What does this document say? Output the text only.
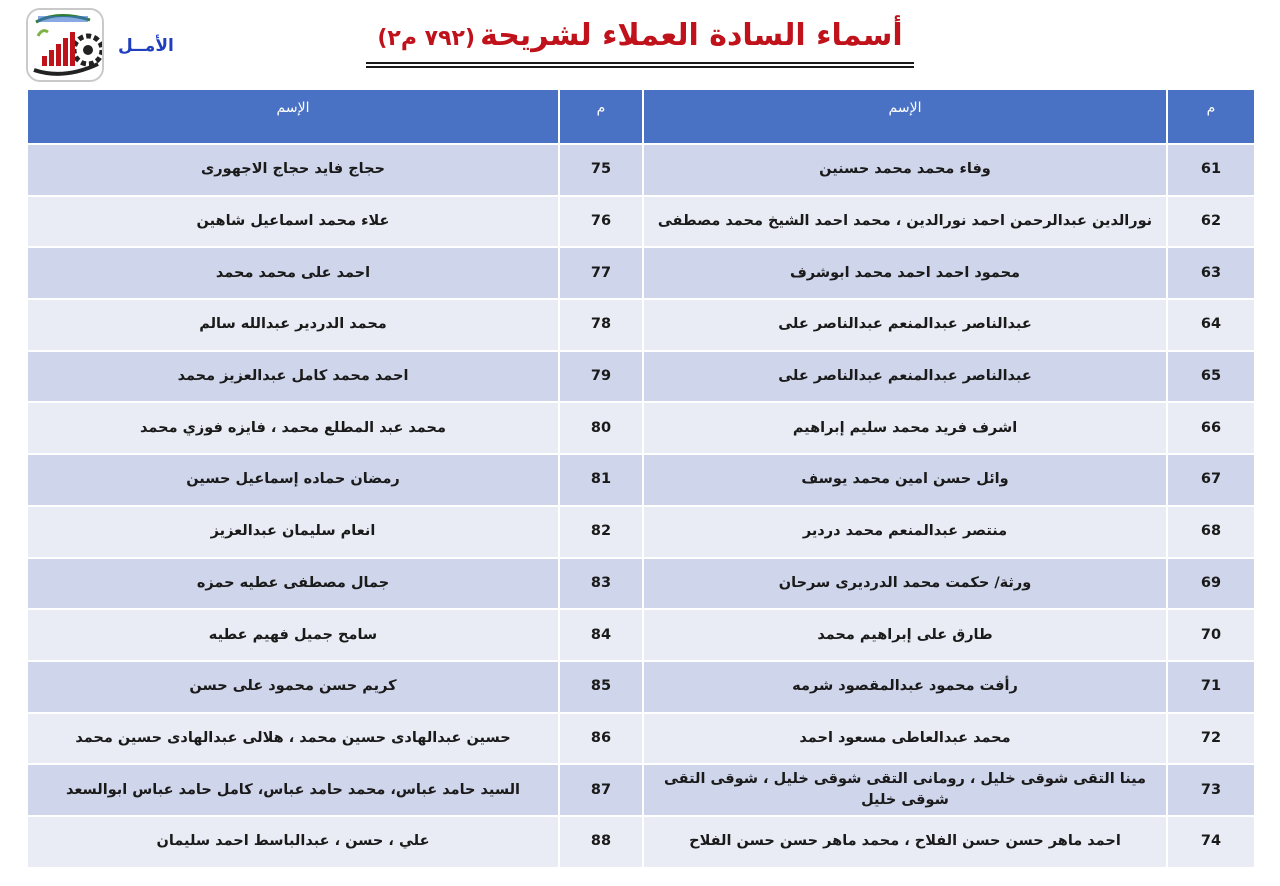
الأمــل	أسماء السادة العملاء لشريحة (٧٩٢ م٢)
م	الإسم	م	الإسم
61	وفاء محمد محمد حسنين	75	حجاج فايد حجاج الاجهورى
62	نورالدين عبدالرحمن احمد نورالدين ، محمد احمد الشيخ محمد مصطفى	76	علاء محمد اسماعيل شاهين
63	محمود احمد احمد محمد ابوشرف	77	احمد على محمد محمد
64	عبدالناصر عبدالمنعم عبدالناصر على	78	محمد الدردير عبدالله سالم
65	عبدالناصر عبدالمنعم عبدالناصر على	79	احمد محمد كامل عبدالعزيز محمد
66	اشرف فريد محمد سليم إبراهيم	80	محمد عبد المطلع محمد ، فايزه فوزي محمد
67	وائل حسن امين محمد يوسف	81	رمضان حماده إسماعيل حسين
68	منتصر عبدالمنعم محمد دردير	82	انعام سليمان عبدالعزيز
69	ورثة/ حكمت محمد الدرديرى سرحان	83	جمال مصطفى عطيه حمزه
70	طارق على إبراهيم محمد	84	سامح جميل فهيم عطيه
71	رأفت محمود عبدالمقصود شرمه	85	كريم حسن محمود على حسن
72	محمد عبدالعاطى مسعود احمد	86	حسين عبدالهادى حسين محمد ، هلالى عبدالهادى حسين محمد
73	مينا التقى شوقى خليل ، رومانى التقى شوقى خليل ، شوقى التقى شوقى خليل	87	السيد حامد عباس، محمد حامد عباس، كامل حامد عباس ابوالسعد
74	احمد ماهر حسن حسن الفلاح ، محمد ماهر حسن حسن الفلاح	88	علي ، حسن ، عبدالباسط احمد سليمان
